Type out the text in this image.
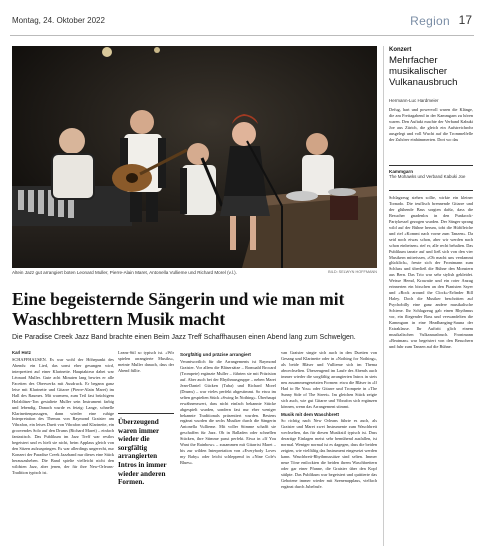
Montag, 24. Oktober 2022	Region 17
Altein Jazz gut arrangiert boten Leonard Muller, Pierre-Alain Maret, Antonella Vullieme und Richard Morel (v.l.).	BILD: SELWYN HOFFMANN
Eine begeisternde Sängerin und wie man mit Waschbrettern Musik macht
Die Paradise Creek Jazz Band brachte einen Beim Jazz Treff Schaffhausen einen Abend lang zum Schwelgen.
Karl Hotz

SCHAFFHAUSEN. Es war wohl der Höhepunkt des Abends: ein Lied, das sonst eher gesungen wird, interpretiert auf einer Klarinette. Hauptakteur dabei war Léonard Muller. Gute acht Minuten lang bewies er alle Facetten des Oberwerks mit Ausdruck. Er begann ganz leise mit Klarinette und Gitarre (Pierre-Alain Maret) im Hall des Raumes. Mit warmem, zum Teil fast brüchigem Holzbläser-Ton gestaltete Muller sein Instrument farbig und lebendig. Danach wurde es fetzig: Lange, schnelle Klarinettenpassagen, dann wieder eine ruhige Interpretation des Themas von Raymond Graisier am Vibrafon, ein leises Duett von Vibrafon und Klarinette, ein groovendes Solo auf den Drums (Richard Maret) – einfach fantastisch. Das Publikum im Jazz Treff war restlos begeistert und es hielt sie nicht, beim Applaus gleich von den Sitzen aufzuspringen. Es war allerdings ungerecht, nur Konzert der Paradise Creek Jazzband nur dieses eine Stück herauszuheben. Die Band spielte vielleicht nicht den wildsten Jazz, aber jenen, der für ihre New-Orleans-Tradition typisch ist.

Leans-Stil so typisch ist. «Wir spielen arrangierte Musiks», meinte Muller danach, dass der Abend füllte.

Überzeugend waren immer wieder die sorgfältig arrangierten Intros in immer wieder anderen Formen.
Sorgfältig und präzise arrangiert

Verantwortlich für die Arrangements ist Raymond Graisier. Vor allem die Bläsersätze – Romuald Brocard (Trompete) ergänzte Muller – führten sie mit Präzision auf. Aber auch bei der Rhythmusgruppe – neben Maret Jean-Daniel Gücken (Tuba) und Richard Morel (Drums) – war vieles perfekt abgestimmt. So etwa im selten gespielten Stück «Swing In Nothing». Überhaupt erwähnenswert, dass nicht einfach bekannte Stücke abgespielt wurden, sondern fast nur eher weniger bekannte Traditionals präsentiert wurden. Bestens ergänzt wurden die sechs Musiker durch die Sängerin Antonella Vullieme. Mit voller Stimme schafft sie geschaffen für Jazz. Ob in Balladen oder schnellen Stücken, ihre Stimme passt perfekt. Etwa in «If You Want the Rainbow» – zusammen mit Gitarrist Maret – bis zur wilden Interpretation von «Everybody Loves my Baby» oder leicht schleppend in «Nine Cole's Blues».

van Graisier singte sich auch in den Duetten von Gesang und Klarinette oder in «Nothing for Nothing», als beide Bläser und Vullieme sich im Thema abwechselten. Überzeugend im Laufe des Abends auch immer wieder die sorgfältig arrangierten Intros in stets neu zusammengesetzten Formen: etwa die Bläser in «If Had to Be You» oder Gitarre und Trompete in «The Sunny Side of The Street». Im gleichen Stück zeigte sich auch, wie gut Gitarre und Vibrafon sich ergänzen können, wenn das Arrangement stimmt.

Musik mit dem Waschbrett

So richtig nach New Orleans führte es auch, als Graisier und Maret zwei Instrumente zum Waschbrett wechselten, das für diesen Musikstil typisch ist. Dass derartige Einlagen meist sehr bemühend ausfallen, ist normal. Weniger normal ist es dagegen, dass die beiden zeigten, wie vielfältig das Instrument eingesetzt werden kann. Waschbrett-Rhythmussätze sind selten. Immer neue Töne entlockten die beiden ihrem Waschbrettern oder gar einer Pfanne, die Graisier über den Kopf stülpte. Das Publikum war begeistert und quittierte das Gebotene immer wieder mit Szenenapplaus, vielfach ergänzt durch Jubelrufe.

Konzert
Mehrfacher musikalischer Vulkanausbruch
Hermann-Luc Hardmeier

Defug, hart und powervoll waren die Klänge, die am Freitagabend in der Kammgarn zu hören waren. Den Auftakt machte der Verband Kabuki Joe aus Zürich, die gleich ein Aufstreichrohr ausgelegt und voll Wucht auf die Trommelfelle der Zuhörer einhämmerten. Dort wo das

Kammgarn
The Mohawks und Verband Kabuki Joe

Schlagzeug stehen sollte, wirkte ein kleiner Tornado. Die teuflisch brennende Gitarre und der glühende Bass sorgten dafür, dass die Besucher gnadenlos in den Punkrock-Partykessel gezogen wurden. Der Sänger sprang wild auf der Bühne herum, tobt die Hüftfleiche und rief «Kommt nach vorne zum Tanzen». Da seid noch etwas schon, aber wir werden nach schon einbeisen» rief er, alle recht behalten. Das Publikum tanzte auf und ließ sich von den vier Musikern mitreissen, «Ob macht uns verdammt glücklich», freute sich der Frontmann zum Schluss und überließ die Bühne den Monstern aus Bern. Das Trio war sehr stylish gekleidet. Weisse Hemd, Krawatte und ein roter Anzug erinnerten ein bisschen an den Pianisten Sayer und «Rock around the Clock»-Erfinder Bill Haley. Doch die Musiker beschritten auf Psychobilly eine ganz andere musikalische Schiene. Ihr Schlagzeug gab einen Rhythmus vor, ein fliegender Bass und verwandelten die Kammgarn in eine Headbanging-Sauna der Extraklasse. Ihr Auftritt glich einem musikalischen Vulkanausbruch. Frontmann «Beatman» war begeistert von den Besuchern und fuhr zum Tanzen auf die Bühne.
